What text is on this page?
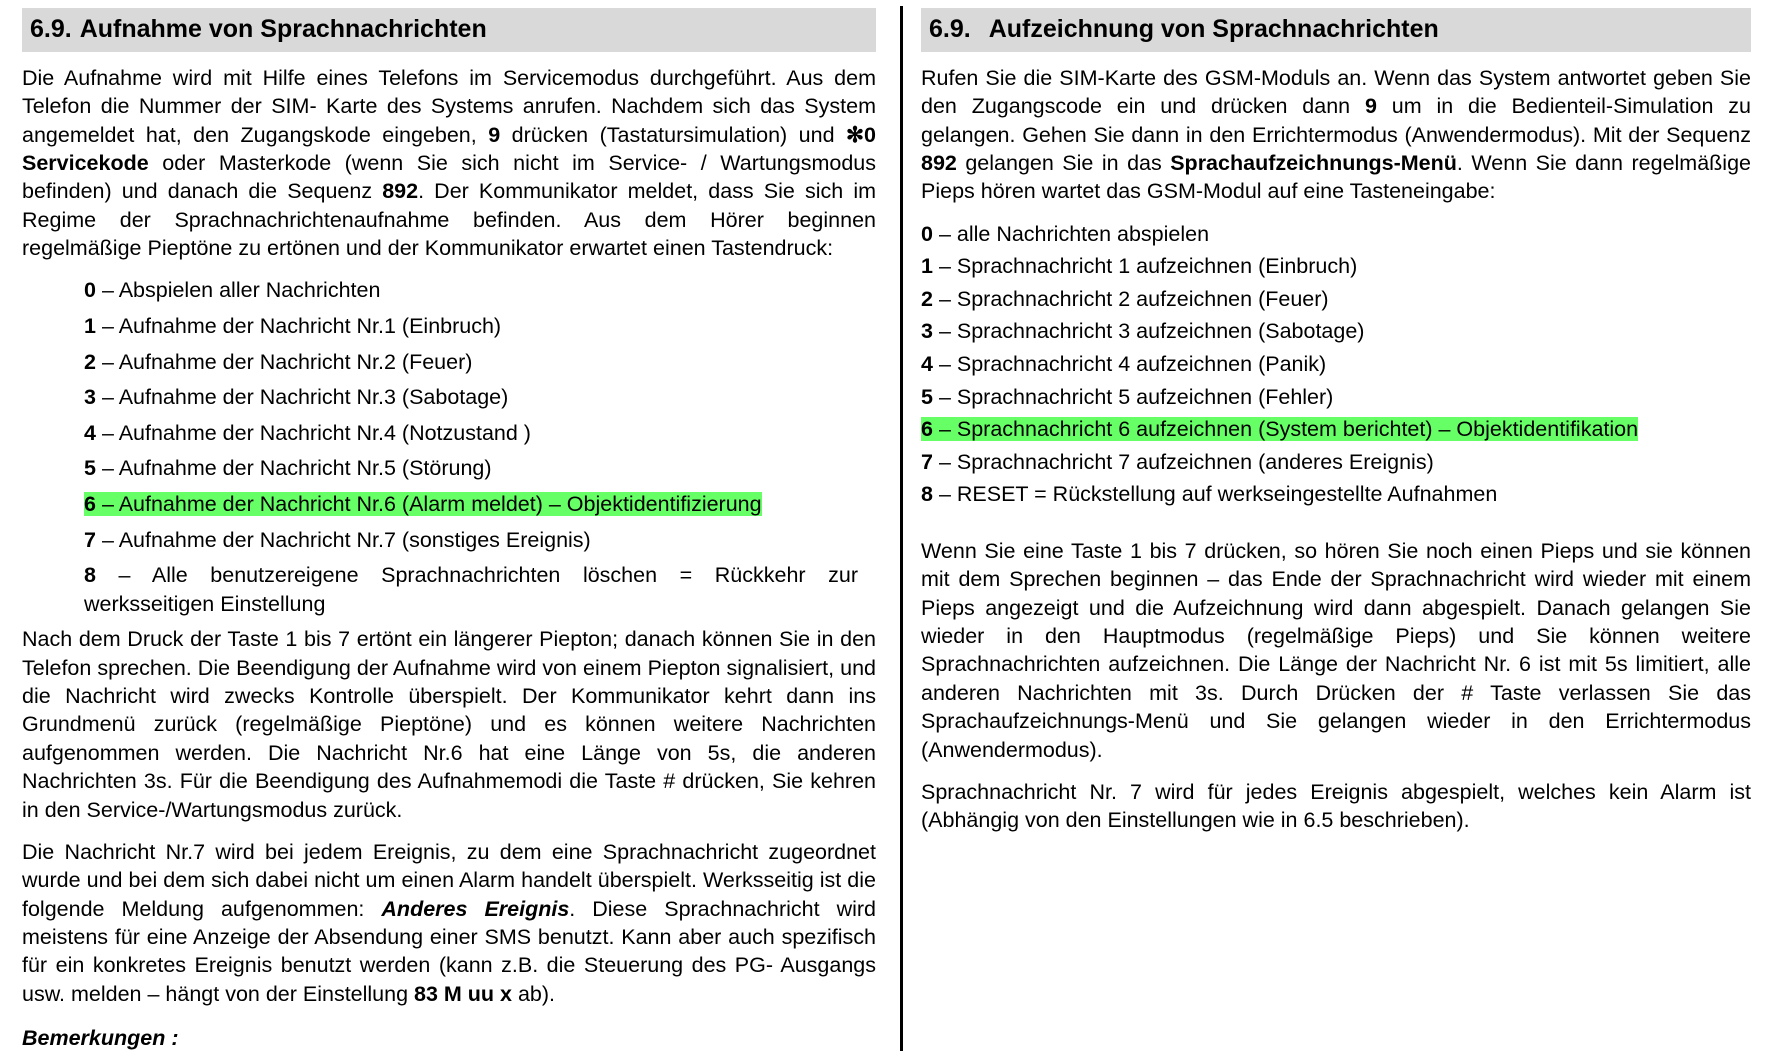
6.9. Aufnahme von Sprachnachrichten

Die Aufnahme wird mit Hilfe eines Telefons im Servicemodus durchgeführt. Aus dem Telefon die Nummer der SIM- Karte des Systems anrufen. Nachdem sich das System angemeldet hat, den Zugangskode eingeben, 9 drücken (Tastatursimulation) und ✻0 Servicekode oder Masterkode (wenn Sie sich nicht im Service- / Wartungsmodus befinden) und danach die Sequenz 892. Der Kommunikator meldet, dass Sie sich im Regime der Sprachnachrichtenaufnahme befinden. Aus dem Hörer beginnen regelmäßige Pieptöne zu ertönen und der Kommunikator erwartet einen Tastendruck:

0 – Abspielen aller Nachrichten
1 – Aufnahme der Nachricht Nr.1 (Einbruch)
2 – Aufnahme der Nachricht Nr.2 (Feuer)
3 – Aufnahme der Nachricht Nr.3 (Sabotage)
4 – Aufnahme der Nachricht Nr.4 (Notzustand )
5 – Aufnahme der Nachricht Nr.5 (Störung)
6 – Aufnahme der Nachricht Nr.6 (Alarm meldet) – Objektidentifizierung
7 – Aufnahme der Nachricht Nr.7 (sonstiges Ereignis)
8 – Alle benutzereigene Sprachnachrichten löschen = Rückkehr zur werksseitigen Einstellung

Nach dem Druck der Taste 1 bis 7 ertönt ein längerer Piepton; danach können Sie in den Telefon sprechen. Die Beendigung der Aufnahme wird von einem Piepton signalisiert, und die Nachricht wird zwecks Kontrolle überspielt. Der Kommunikator kehrt dann ins Grundmenü zurück (regelmäßige Pieptöne) und es können weitere Nachrichten aufgenommen werden. Die Nachricht Nr.6 hat eine Länge von 5s, die anderen Nachrichten 3s. Für die Beendigung des Aufnahmemodi die Taste # drücken, Sie kehren in den Service-/Wartungsmodus zurück.

Die Nachricht Nr.7 wird bei jedem Ereignis, zu dem eine Sprachnachricht zugeordnet wurde und bei dem sich dabei nicht um einen Alarm handelt überspielt. Werksseitig ist die folgende Meldung aufgenommen: Anderes Ereignis. Diese Sprachnachricht wird meistens für eine Anzeige der Absendung einer SMS benutzt. Kann aber auch spezifisch für ein konkretes Ereignis benutzt werden (kann z.B. die Steuerung des PG- Ausgangs usw. melden – hängt von der Einstellung 83 M uu x ab).

Bemerkungen :
6.9. Aufzeichnung von Sprachnachrichten

Rufen Sie die SIM-Karte des GSM-Moduls an. Wenn das System antwortet geben Sie den Zugangscode ein und drücken dann 9 um in die Bedienteil-Simulation zu gelangen. Gehen Sie dann in den Errichtermodus (Anwendermodus). Mit der Sequenz 892 gelangen Sie in das Sprachaufzeichnungs-Menü. Wenn Sie dann regelmäßige Pieps hören wartet das GSM-Modul auf eine Tasteneingabe:

0 – alle Nachrichten abspielen
1 – Sprachnachricht 1 aufzeichnen (Einbruch)
2 – Sprachnachricht 2 aufzeichnen (Feuer)
3 – Sprachnachricht 3 aufzeichnen (Sabotage)
4 – Sprachnachricht 4 aufzeichnen (Panik)
5 – Sprachnachricht 5 aufzeichnen (Fehler)
6 – Sprachnachricht 6 aufzeichnen (System berichtet) – Objektidentifikation
7 – Sprachnachricht 7 aufzeichnen (anderes Ereignis)
8 – RESET = Rückstellung auf werkseingestellte Aufnahmen

Wenn Sie eine Taste 1 bis 7 drücken, so hören Sie noch einen Pieps und sie können mit dem Sprechen beginnen – das Ende der Sprachnachricht wird wieder mit einem Pieps angezeigt und die Aufzeichnung wird dann abgespielt. Danach gelangen Sie wieder in den Hauptmodus (regelmäßige Pieps) und Sie können weitere Sprachnachrichten aufzeichnen. Die Länge der Nachricht Nr. 6 ist mit 5s limitiert, alle anderen Nachrichten mit 3s. Durch Drücken der # Taste verlassen Sie das Sprachaufzeichnungs-Menü und Sie gelangen wieder in den Errichtermodus (Anwendermodus).

Sprachnachricht Nr. 7 wird für jedes Ereignis abgespielt, welches kein Alarm ist (Abhängig von den Einstellungen wie in 6.5 beschrieben).
